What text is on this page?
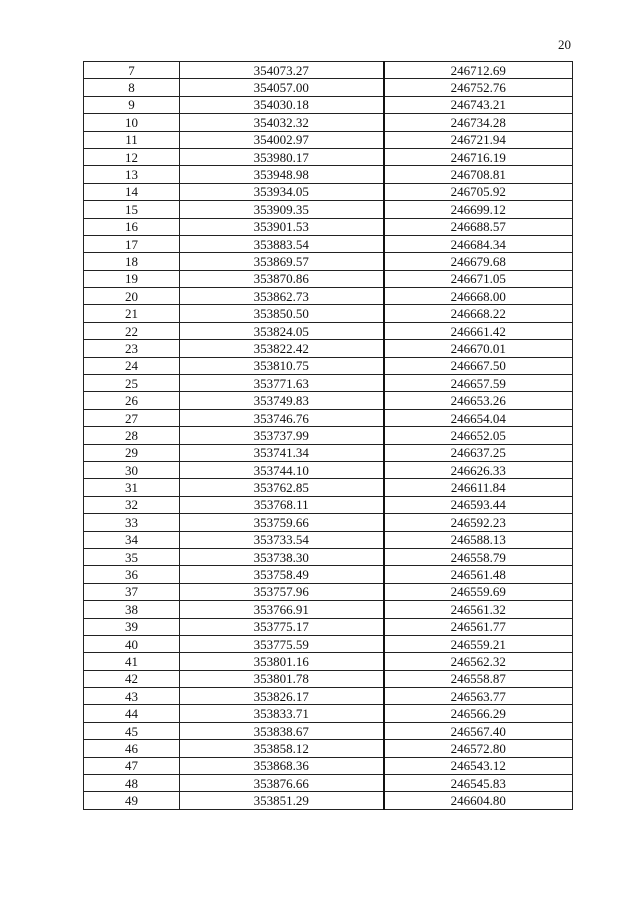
20
7	354073.27	246712.69
8	354057.00	246752.76
9	354030.18	246743.21
10	354032.32	246734.28
11	354002.97	246721.94
12	353980.17	246716.19
13	353948.98	246708.81
14	353934.05	246705.92
15	353909.35	246699.12
16	353901.53	246688.57
17	353883.54	246684.34
18	353869.57	246679.68
19	353870.86	246671.05
20	353862.73	246668.00
21	353850.50	246668.22
22	353824.05	246661.42
23	353822.42	246670.01
24	353810.75	246667.50
25	353771.63	246657.59
26	353749.83	246653.26
27	353746.76	246654.04
28	353737.99	246652.05
29	353741.34	246637.25
30	353744.10	246626.33
31	353762.85	246611.84
32	353768.11	246593.44
33	353759.66	246592.23
34	353733.54	246588.13
35	353738.30	246558.79
36	353758.49	246561.48
37	353757.96	246559.69
38	353766.91	246561.32
39	353775.17	246561.77
40	353775.59	246559.21
41	353801.16	246562.32
42	353801.78	246558.87
43	353826.17	246563.77
44	353833.71	246566.29
45	353838.67	246567.40
46	353858.12	246572.80
47	353868.36	246543.12
48	353876.66	246545.83
49	353851.29	246604.80
